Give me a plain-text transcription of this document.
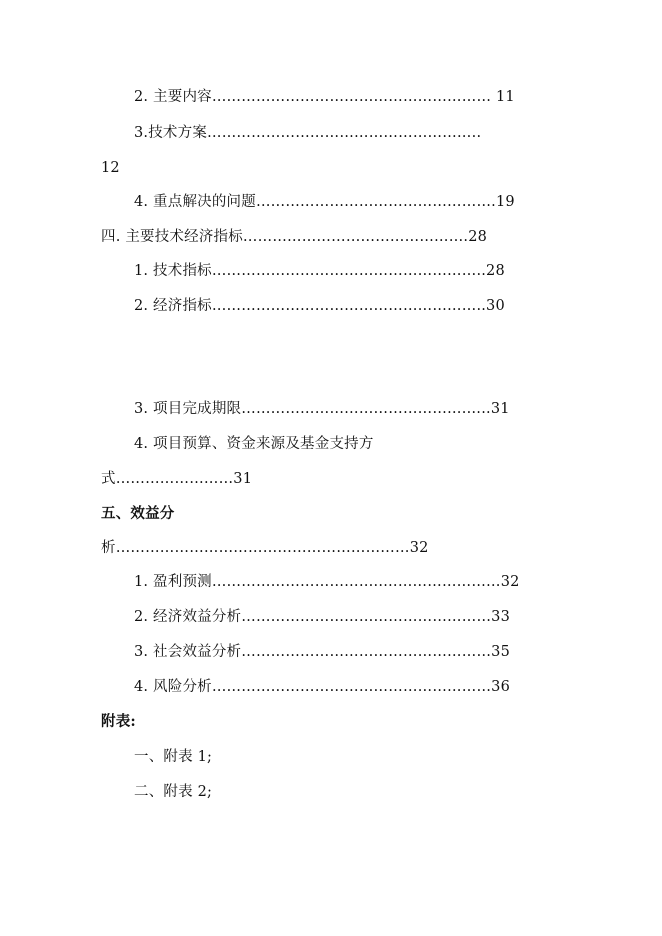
2. 主要内容………………………………………………… 11
3.技术方案………………………………………………..
12
4. 重点解决的问题………………………………………….19
四. 主要技术经济指标……………………………………….28
1. 技术指标………………………………………………..28
2. 经济指标………………………………………………..30
3. 项目完成期限……………………………………….…..31
4. 项目预算、资金来源及基金支持方
式……………………31
五、效益分
析……………………………………………………32
1. 盈利预测……………………………..……………………32
2. 经济效益分析……………………………………………33
3. 社会效益分析……………………………………………35
4. 风险分析…………………………………………………36
附表:
一、附表 1;
二、附表 2;
